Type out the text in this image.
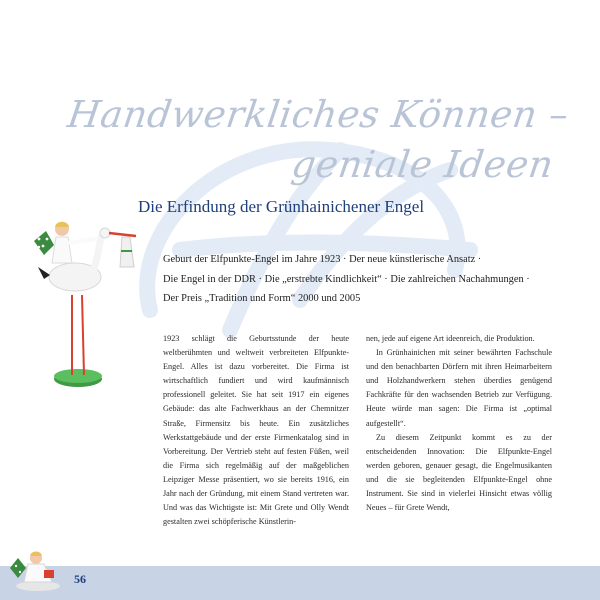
Handwerkliches Können –
geniale Ideen
Die Erfindung der Grünhainichener Engel
Geburt der Elfpunkte-Engel im Jahre 1923 · Der neue künstlerische Ansatz ·
Die Engel in der DDR · Die „erstrebte Kindlichkeit“ · Die zahlreichen Nachahmungen ·
Der Preis „Tradition und Form“ 2000 und 2005

1923 schlägt die Geburtsstunde der heute weltberühmten und weltweit verbreiteten Elfpunkte-Engel. Alles ist dazu vorbereitet. Die Firma ist wirtschaftlich fundiert und wird kaufmännisch professionell geleitet. Sie hat seit 1917 ein eigenes Gebäude: das alte Fachwerkhaus an der Chemnitzer Straße, Firmensitz bis heute. Ein zusätzliches Werkstattgebäude und der erste Firmenkatalog sind in Vorbereitung. Der Vertrieb steht auf festen Füßen, weil die Firma sich regelmäßig auf der maßgeblichen Leipziger Messe präsentiert, wo sie bereits 1916, ein Jahr nach der Gründung, mit einem Stand vertreten war. Und was das Wichtigste ist: Mit Grete und Olly Wendt gestalten zwei schöpferische Künstlerin-

nen, jede auf eigene Art ideenreich, die Produktion.

In Grünhainichen mit seiner bewährten Fachschule und den benachbarten Dörfern mit ihren Heimarbeitern und Holzhandwerkern stehen überdies genügend Fachkräfte für den wachsenden Betrieb zur Verfügung. Heute würde man sagen: Die Firma ist „optimal aufgestellt“.

Zu diesem Zeitpunkt kommt es zu der entscheidenden Innovation: Die Elfpunkte-Engel werden geboren, genauer gesagt, die Engelmusikanten und die sie begleitenden Elfpunkte-Engel ohne Instrument. Sie sind in vielerlei Hinsicht etwas völlig Neues – für Grete Wendt,

56
